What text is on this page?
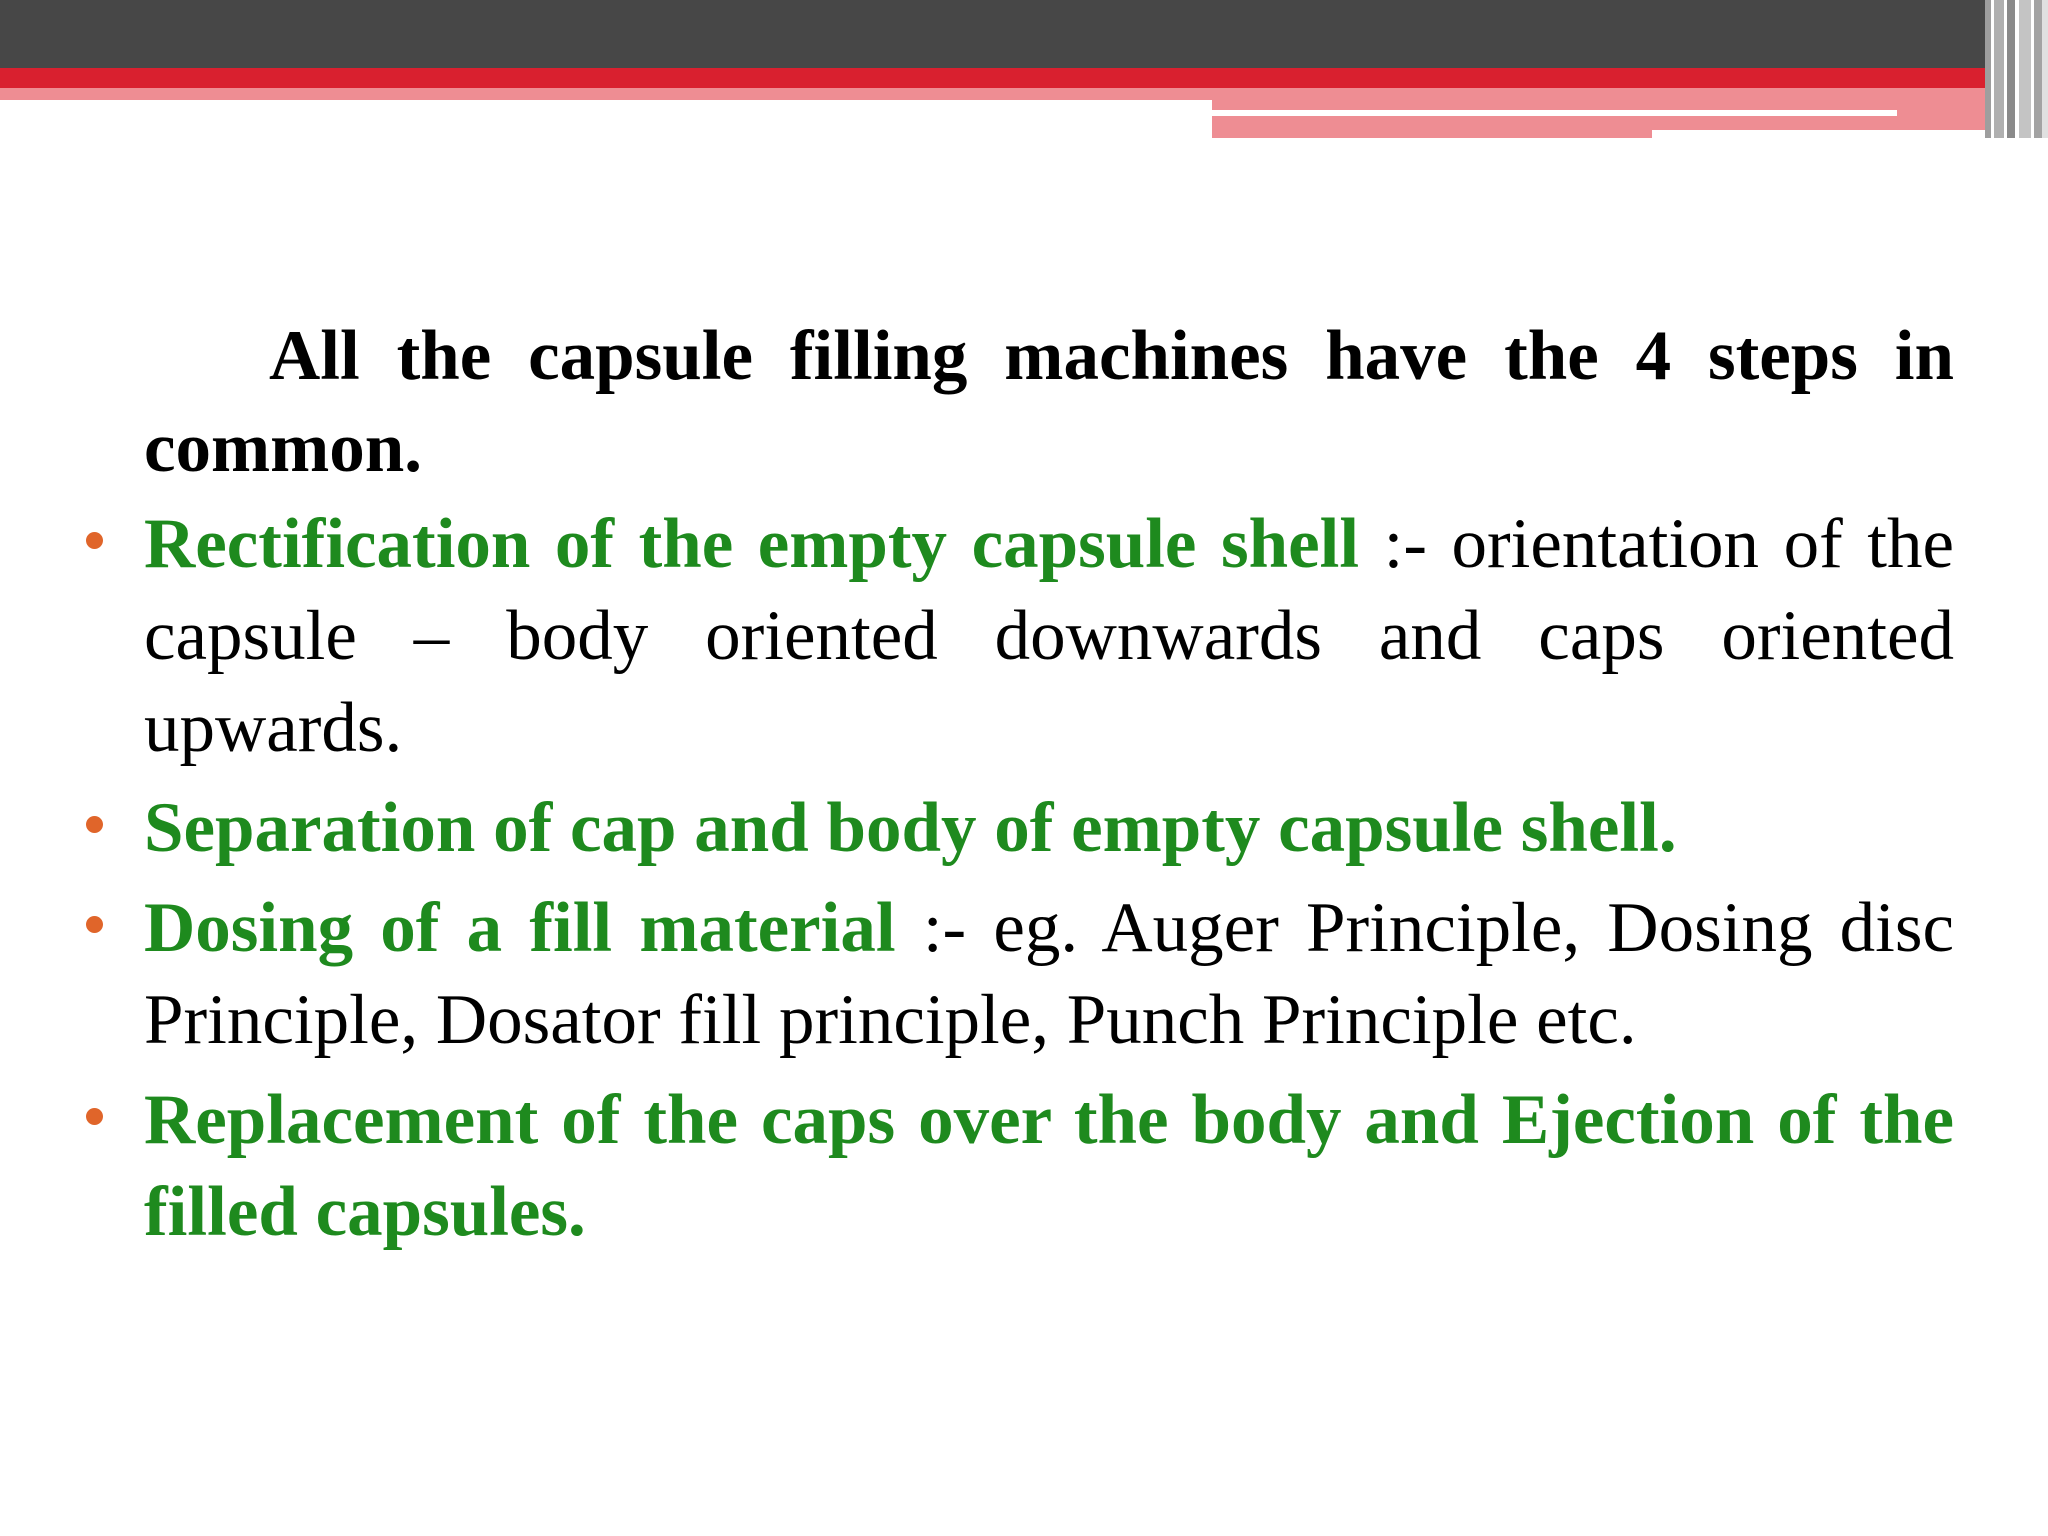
All the capsule filling machines have the 4 steps in common.

Rectification of the empty capsule shell :- orientation of the capsule – body oriented downwards and caps oriented upwards.
Separation of cap and body of empty capsule shell.
Dosing of a fill material :- eg. Auger Principle, Dosing disc Principle, Dosator fill principle, Punch Principle etc.
Replacement of the caps over the body and Ejection of the filled capsules.
